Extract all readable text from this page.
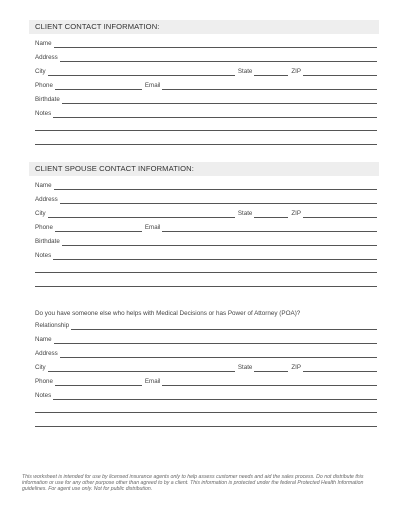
CLIENT CONTACT INFORMATION:
Name
Address
City	State	ZIP
Phone	Email
Birthdate
Notes
CLIENT SPOUSE CONTACT INFORMATION:
Name
Address
City	State	ZIP
Phone	Email
Birthdate
Notes
Do you have someone else who helps with Medical Decisions or has Power of Attorney (POA)?
Relationship
Name
Address
City	State	ZIP
Phone	Email
Notes
This worksheet is intended for use by licensed insurance agents only to help assess customer needs and aid the sales process. Do not distribute this information or use for any other purpose other than agreed to by a client. This information is protected under the federal Protected Health Information guidelines. For agent use only. Not for public distribution.
